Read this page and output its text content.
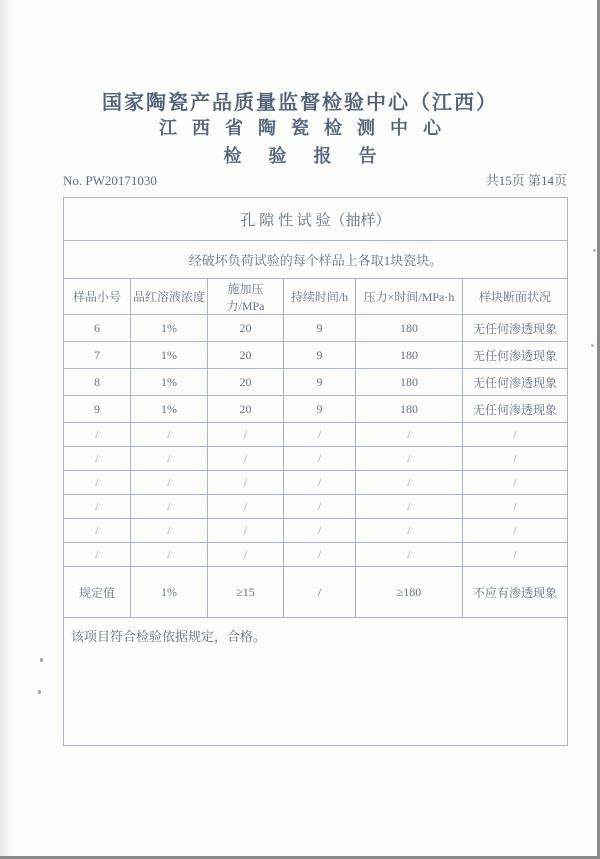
国家陶瓷产品质量监督检验中心（江西）
江西省陶瓷检测中心
检验报告
No. PW20171030	共15页 第14页
孔 隙 性 试 验（抽样）					
经破坏负荷试验的每个样品上各取1块瓷块。					
样品小号	品红溶液浓度	施加压力/MPa	持续时间/h	压力×时间/MPa·h	样块断面状况
6	1%	20	9	180	无任何渗透现象
7	1%	20	9	180	无任何渗透现象
8	1%	20	9	180	无任何渗透现象
9	1%	20	9	180	无任何渗透现象
/	/	/	/	/	/
/	/	/	/	/	/
/	/	/	/	/	/
/	/	/	/	/	/
/	/	/	/	/	/
/	/	/	/	/	/
规定值	1%	≥15	/	≥180	不应有渗透现象
该项目符合检验依据规定，合格。					
